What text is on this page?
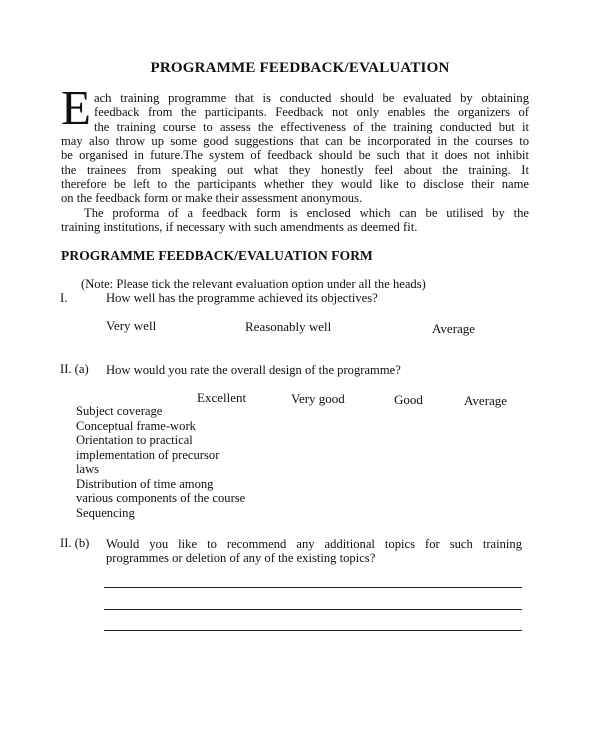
PROGRAMME FEEDBACK/EVALUATION
E ach training programme that is conducted should be evaluated by obtaining
feedback from the participants. Feedback not only enables the organizers of
the training course to assess the effectiveness of the training conducted but it
may also throw up some good suggestions that can be incorporated in the courses to
be organised in future.The system of feedback should be such that it does not inhibit
the trainees from speaking out what they honestly feel about the training. It
therefore be left to the participants whether they would like to disclose their name
on the feedback form or make their assessment anonymous.
The proforma of a feedback form is enclosed which can be utilised by the
training institutions, if necessary with such amendments as deemed fit.
PROGRAMME FEEDBACK/EVALUATION FORM
(Note: Please tick the relevant evaluation option under all the heads)
I.	How well has the programme achieved its objectives?
Very well	Reasonably well	Average
II. (a) How would you rate the overall design of the programme?
Excellent	Very good	Good	Average
Subject coverage
Conceptual frame-work
Orientation to practical
implementation of precursor
laws
Distribution of time among
various components of the course
Sequencing
II. (b) Would you like to recommend any additional topics for such training
programmes or deletion of any of the existing topics?
